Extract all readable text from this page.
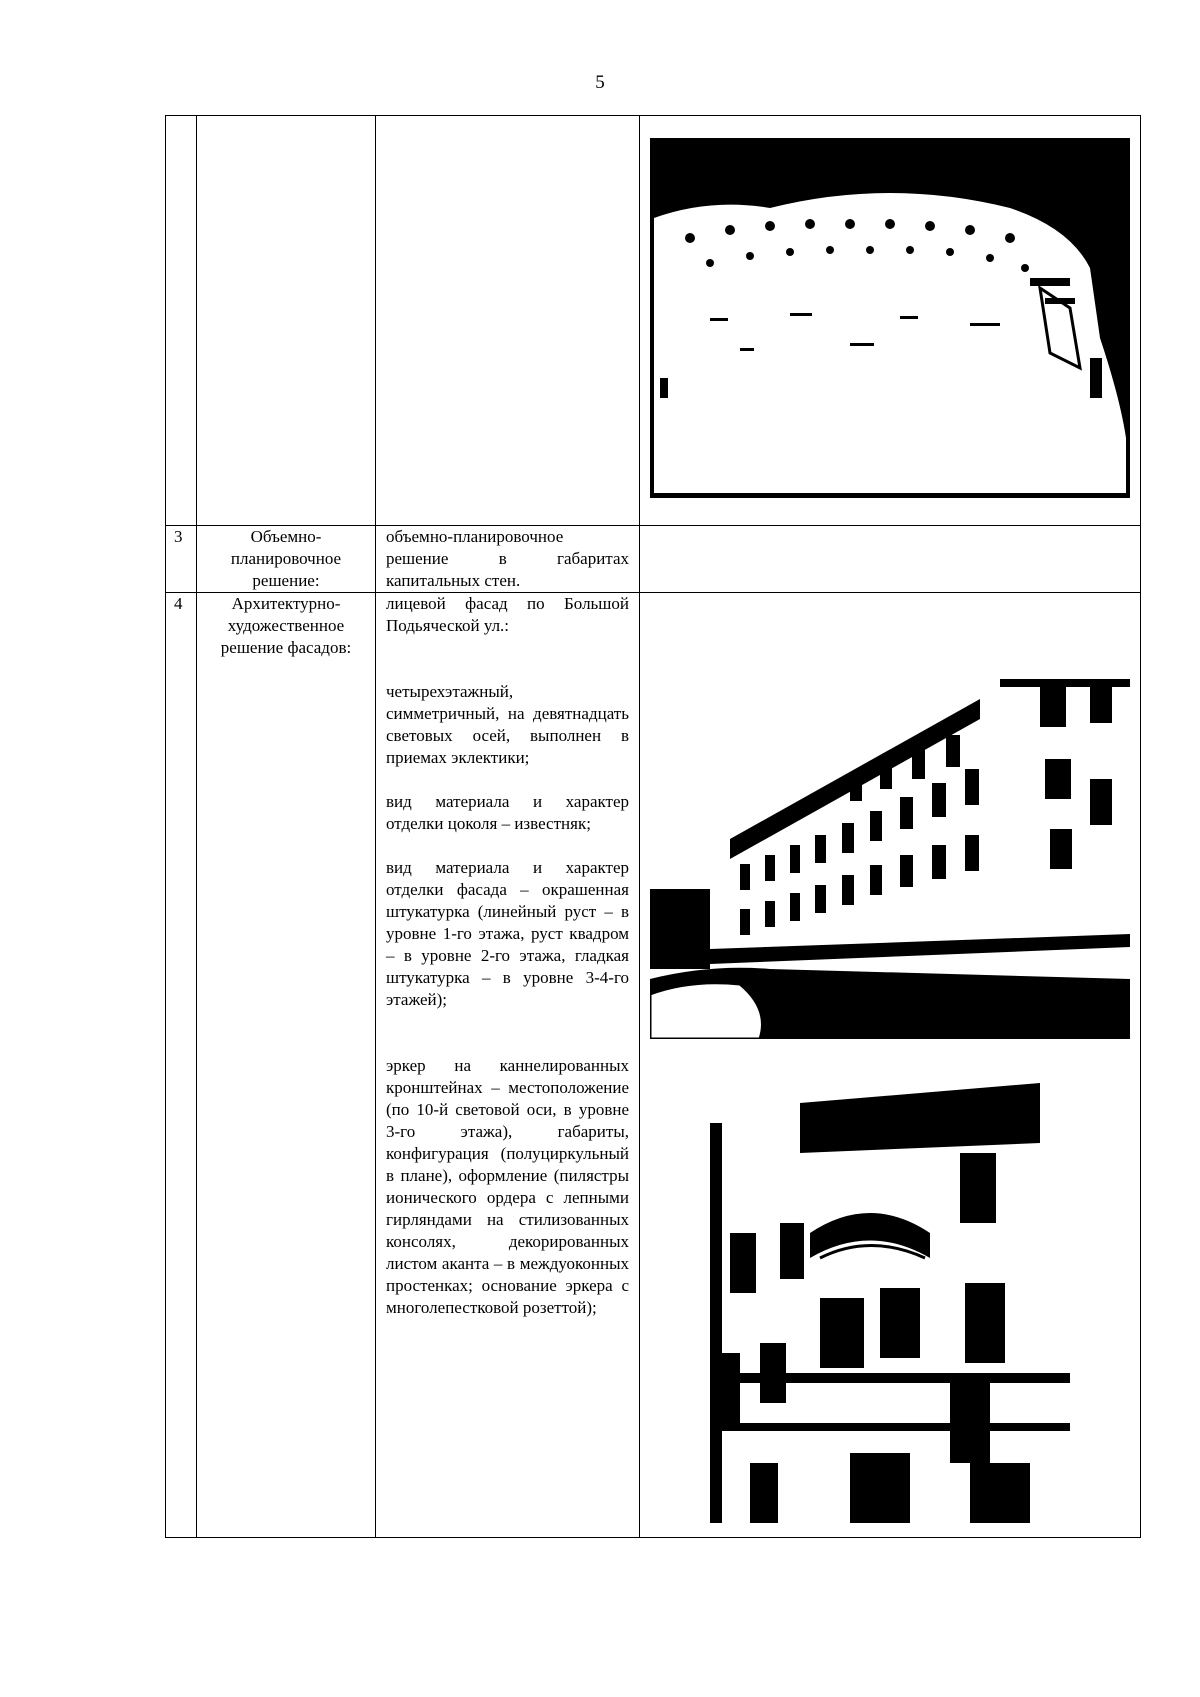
5

3	Объемно-планировочное решение:	объемно-планировочное решение в габаритах капитальных стен.	

4	Архитектурно-художественное решение фасадов:	лицевой фасад по Большой Подьяческой ул.:

четырехэтажный, симметричный, на девятнадцать световых осей, выполнен в приемах эклектики;

вид материала и характер отделки цоколя – известняк;

вид материала и характер отделки фасада – окрашенная штукатурка (линейный руст – в уровне 1-го этажа, руст квадром – в уровне 2-го этажа, гладкая штукатурка – в уровне 3-4-го этажей);

эркер на каннелированных кронштейнах – местоположение (по 10-й световой оси, в уровне 3-го этажа), габариты, конфигурация (полуциркульный в плане), оформление (пилястры ионического ордера с лепными гирляндами на стилизованных консолях, декорированных листом аканта – в междуоконных простенках; основание эркера с многолепестковой розеттой);
